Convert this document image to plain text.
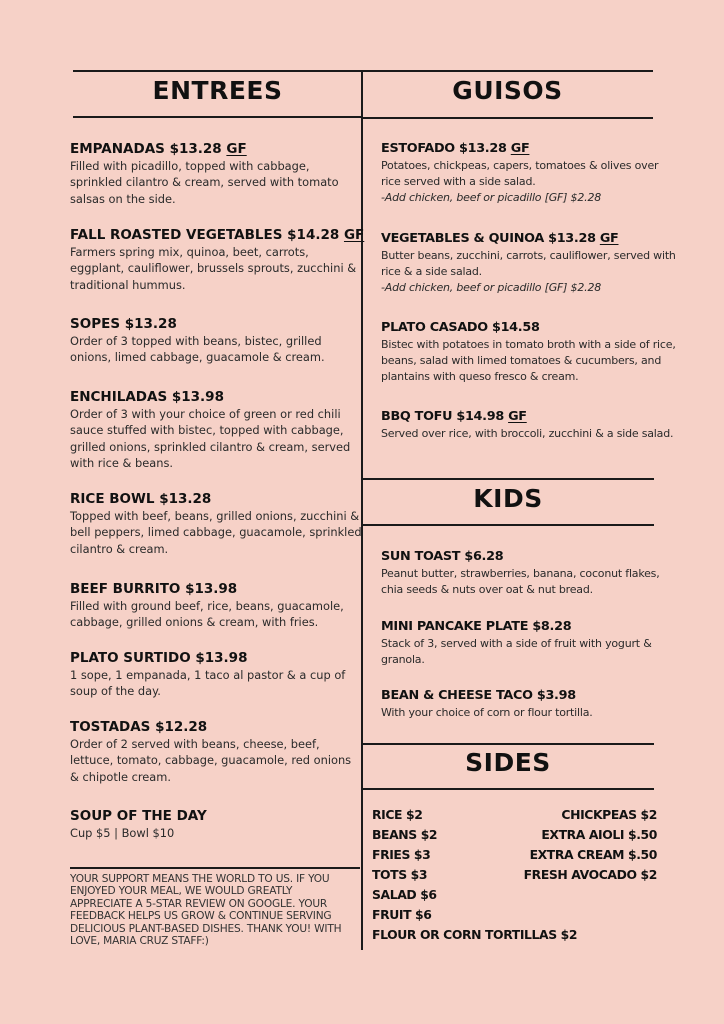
ENTREES	GUISOS
KIDS
SIDES
EMPANADAS $13.28 GF

Filled with picadillo, topped with cabbage, sprinkled cilantro & cream, served with tomato salsas on the side.

FALL ROASTED VEGETABLES $14.28 GF

Farmers spring mix, quinoa, beet, carrots, eggplant, cauliflower, brussels sprouts, zucchini & traditional hummus.

SOPES $13.28

Order of 3 topped with beans, bistec, grilled onions, limed cabbage, guacamole & cream.

ENCHILADAS $13.98

Order of 3 with your choice of green or red chili sauce stuffed with bistec, topped with cabbage, grilled onions, sprinkled cilantro & cream, served with rice & beans.

RICE BOWL $13.28

Topped with beef, beans, grilled onions, zucchini & bell peppers, limed cabbage, guacamole, sprinkled cilantro & cream.

BEEF BURRITO $13.98

Filled with ground beef, rice, beans, guacamole, cabbage, grilled onions & cream, with fries.

PLATO SURTIDO $13.98

1 sope, 1 empanada, 1 taco al pastor & a cup of soup of the day.

TOSTADAS $12.28

Order of 2 served with beans, cheese, beef, lettuce, tomato, cabbage, guacamole, red onions & chipotle cream.

SOUP OF THE DAY

Cup $5 | Bowl $10

YOUR SUPPORT MEANS THE WORLD TO US. IF YOU ENJOYED YOUR MEAL, WE WOULD GREATLY APPRECIATE A 5-STAR REVIEW ON GOOGLE. YOUR FEEDBACK HELPS US GROW & CONTINUE SERVING DELICIOUS PLANT-BASED DISHES. THANK YOU! WITH LOVE, MARIA CRUZ STAFF:)
ESTOFADO $13.28 GF

Potatoes, chickpeas, capers, tomatoes & olives over rice served with a side salad.

-Add chicken, beef or picadillo [GF] $2.28

VEGETABLES & QUINOA $13.28 GF

Butter beans, zucchini, carrots, cauliflower, served with rice & a side salad.

-Add chicken, beef or picadillo [GF] $2.28

PLATO CASADO $14.58

Bistec with potatoes in tomato broth with a side of rice, beans, salad with limed tomatoes & cucumbers, and plantains with queso fresco & cream.

BBQ TOFU $14.98 GF

Served over rice, with broccoli, zucchini & a side salad.

SUN TOAST $6.28

Peanut butter, strawberries, banana, coconut flakes, chia seeds & nuts over oat & nut bread.

MINI PANCAKE PLATE $8.28

Stack of 3, served with a side of fruit with yogurt & granola.

BEAN & CHEESE TACO $3.98

With your choice of corn or flour tortilla.

RICE $2
BEANS $2
FRIES $3
TOTS $3
SALAD $6
FRUIT $6
FLOUR OR CORN TORTILLAS $2
CHICKPEAS $2
EXTRA AIOLI $.50
EXTRA CREAM $.50
FRESH AVOCADO $2
